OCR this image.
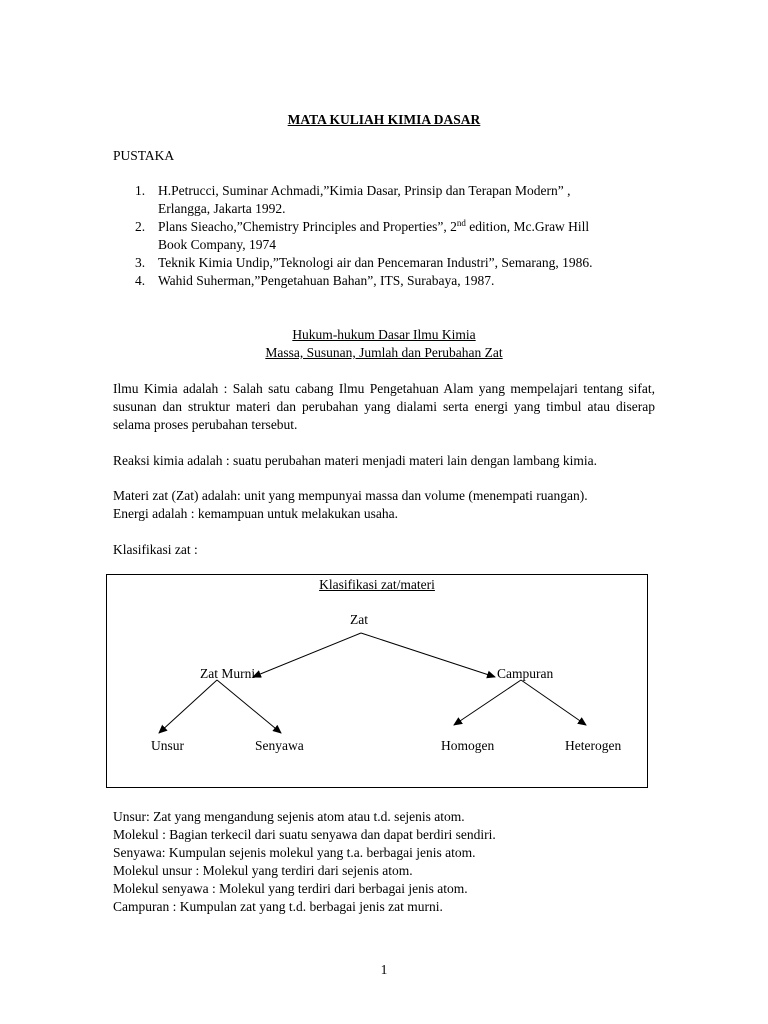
MATA KULIAH KIMIA DASAR
PUSTAKA
1. H.Petrucci, Suminar Achmadi,”Kimia Dasar, Prinsip dan Terapan Modern” ,
Erlangga, Jakarta 1992.
2. Plans Sieacho,”Chemistry Principles and Properties”, 2nd edition, Mc.Graw Hill
Book Company, 1974
3. Teknik Kimia Undip,”Teknologi air dan Pencemaran Industri”, Semarang, 1986.
4. Wahid Suherman,”Pengetahuan Bahan”, ITS, Surabaya, 1987.
Hukum-hukum Dasar Ilmu Kimia
Massa, Susunan, Jumlah dan Perubahan Zat
Ilmu Kimia adalah : Salah satu cabang Ilmu Pengetahuan Alam yang mempelajari tentang sifat, susunan dan struktur materi dan perubahan yang dialami serta energi yang timbul atau diserap selama proses perubahan tersebut.
Reaksi kimia adalah : suatu perubahan materi menjadi materi lain dengan lambang kimia.
Materi zat (Zat) adalah: unit yang mempunyai massa dan volume (menempati ruangan).
Energi adalah : kemampuan untuk melakukan usaha.
Klasifikasi zat :
Klasifikasi zat/materi
Zat
Zat Murni	Campuran
Unsur	Senyawa	Homogen	Heterogen
Unsur: Zat yang mengandung sejenis atom atau t.d. sejenis atom.
Molekul : Bagian terkecil dari suatu senyawa dan dapat berdiri sendiri.
Senyawa: Kumpulan sejenis molekul yang t.a. berbagai jenis atom.
Molekul unsur : Molekul yang terdiri dari sejenis atom.
Molekul senyawa : Molekul yang terdiri dari berbagai jenis atom.
Campuran : Kumpulan zat yang t.d. berbagai jenis zat murni.
1
